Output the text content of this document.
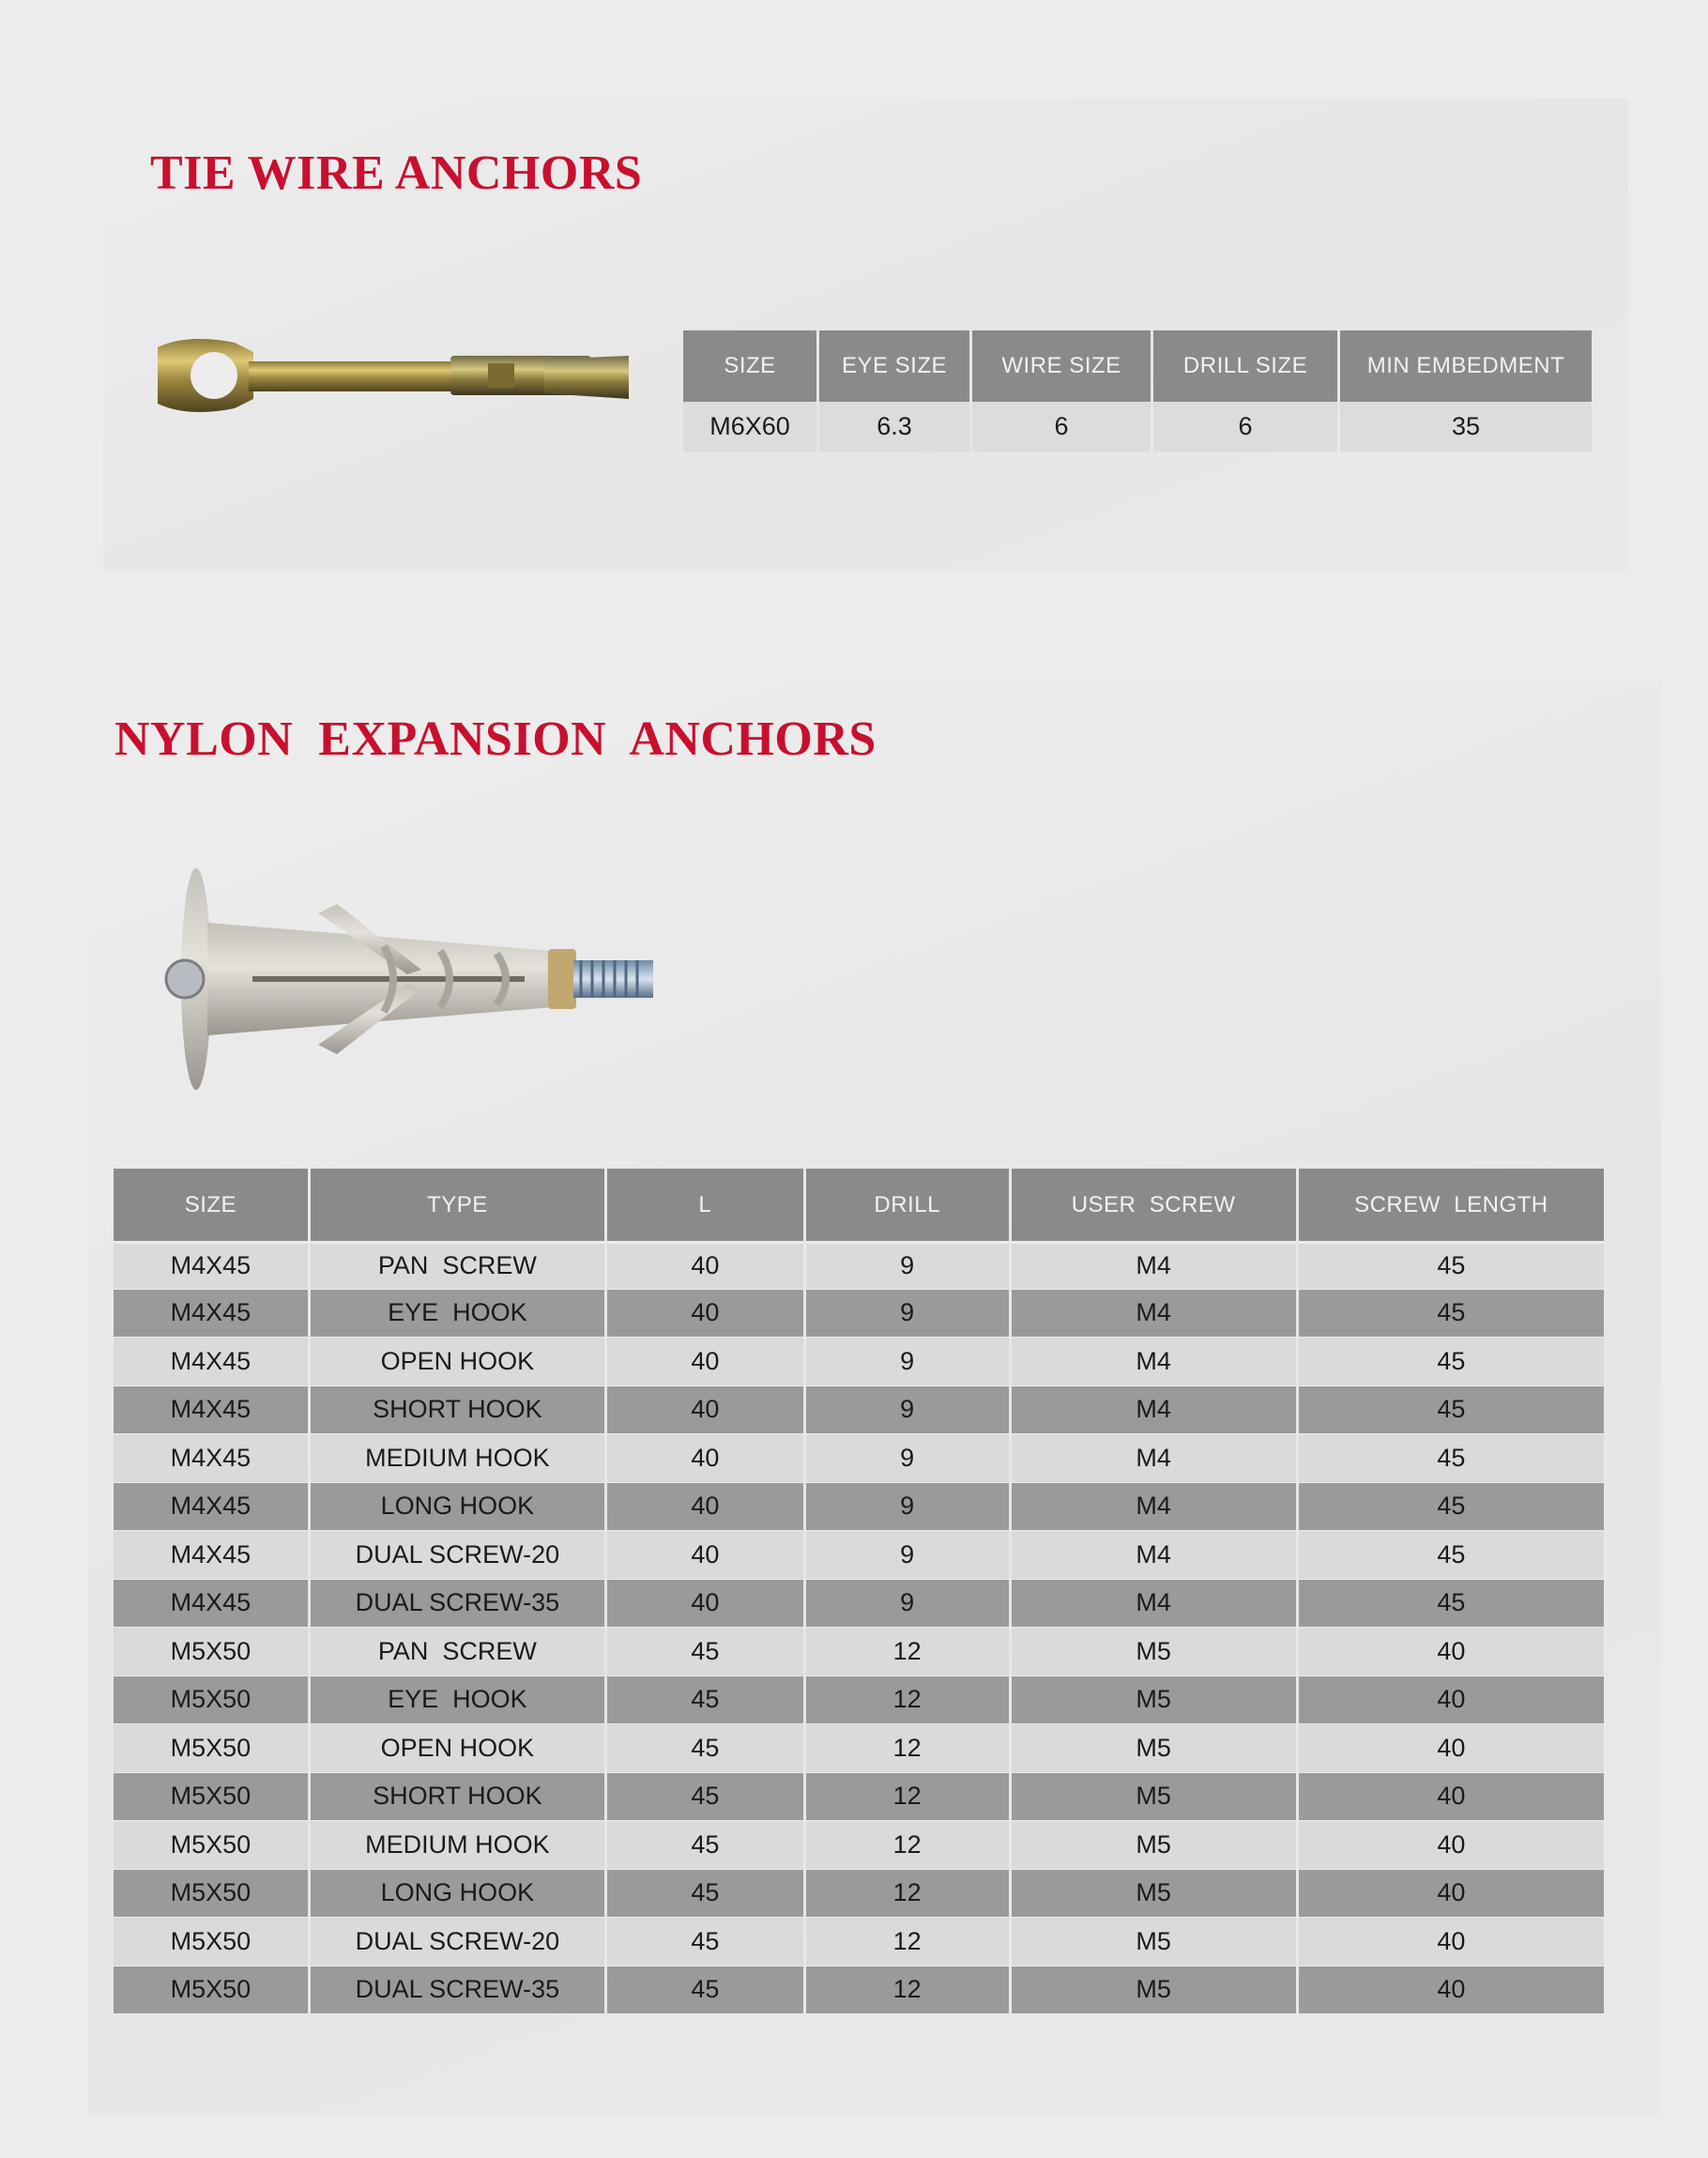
TIE WIRE ANCHORS
SIZE	EYE SIZE	WIRE SIZE	DRILL SIZE	MIN EMBEDMENT
M6X60	6.3	6	6	35
NYLON  EXPANSION  ANCHORS
SIZE	TYPE	L	DRILL	USER  SCREW	SCREW  LENGTH
M4X45	PAN  SCREW	40	9	M4	45
M4X45	EYE  HOOK	40	9	M4	45
M4X45	OPEN HOOK	40	9	M4	45
M4X45	SHORT HOOK	40	9	M4	45
M4X45	MEDIUM HOOK	40	9	M4	45
M4X45	LONG HOOK	40	9	M4	45
M4X45	DUAL SCREW-20	40	9	M4	45
M4X45	DUAL SCREW-35	40	9	M4	45
M5X50	PAN  SCREW	45	12	M5	40
M5X50	EYE  HOOK	45	12	M5	40
M5X50	OPEN HOOK	45	12	M5	40
M5X50	SHORT HOOK	45	12	M5	40
M5X50	MEDIUM HOOK	45	12	M5	40
M5X50	LONG HOOK	45	12	M5	40
M5X50	DUAL SCREW-20	45	12	M5	40
M5X50	DUAL SCREW-35	45	12	M5	40
